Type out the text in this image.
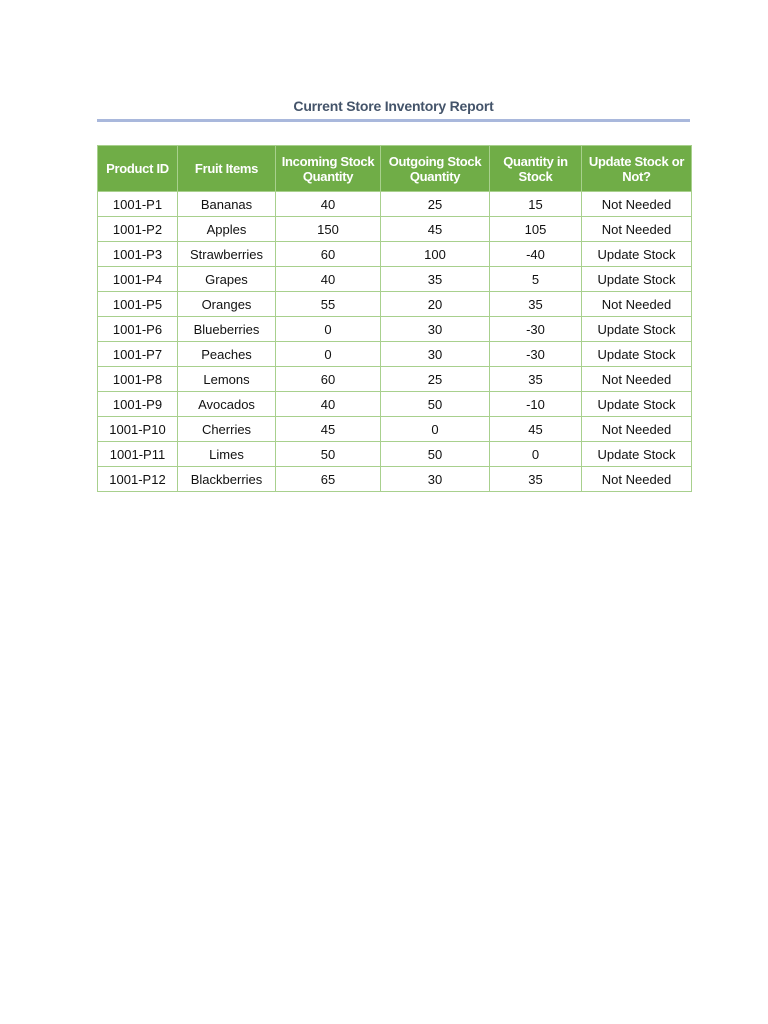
Current Store Inventory Report
Product ID	Fruit Items	Incoming Stock Quantity	Outgoing Stock Quantity	Quantity in Stock	Update Stock or Not?
1001-P1	Bananas	40	25	15	Not Needed
1001-P2	Apples	150	45	105	Not Needed
1001-P3	Strawberries	60	100	-40	Update Stock
1001-P4	Grapes	40	35	5	Update Stock
1001-P5	Oranges	55	20	35	Not Needed
1001-P6	Blueberries	0	30	-30	Update Stock
1001-P7	Peaches	0	30	-30	Update Stock
1001-P8	Lemons	60	25	35	Not Needed
1001-P9	Avocados	40	50	-10	Update Stock
1001-P10	Cherries	45	0	45	Not Needed
1001-P11	Limes	50	50	0	Update Stock
1001-P12	Blackberries	65	30	35	Not Needed
